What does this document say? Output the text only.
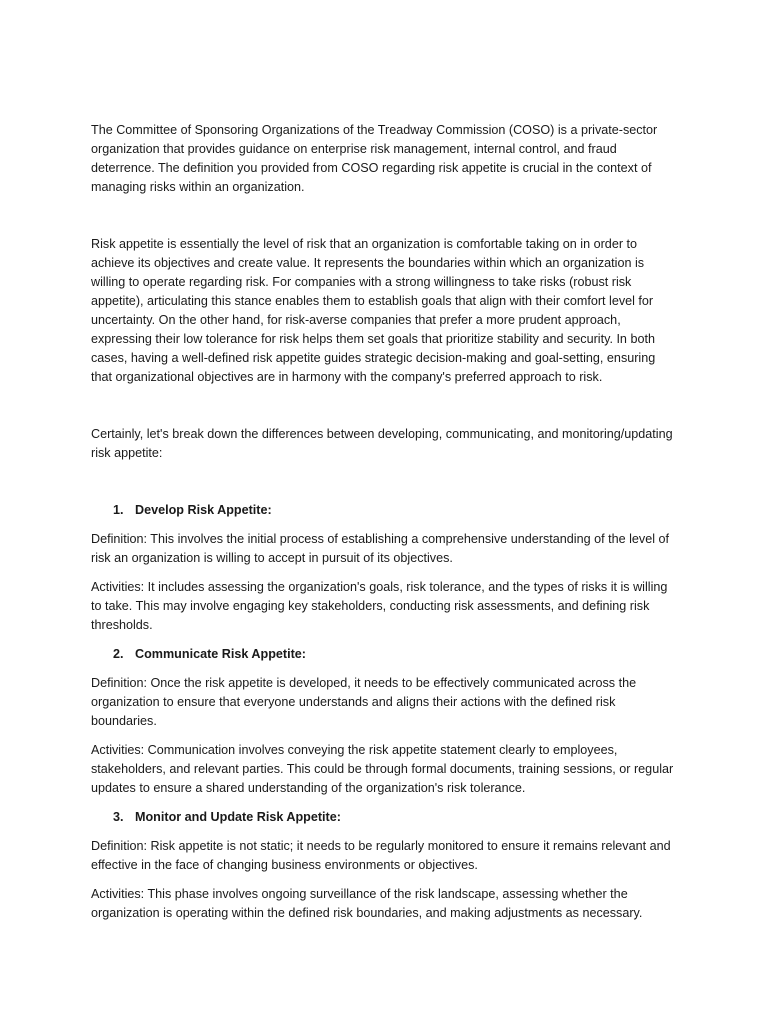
The Committee of Sponsoring Organizations of the Treadway Commission (COSO) is a private-sector organization that provides guidance on enterprise risk management, internal control, and fraud deterrence. The definition you provided from COSO regarding risk appetite is crucial in the context of managing risks within an organization.

Risk appetite is essentially the level of risk that an organization is comfortable taking on in order to achieve its objectives and create value. It represents the boundaries within which an organization is willing to operate regarding risk. For companies with a strong willingness to take risks (robust risk appetite), articulating this stance enables them to establish goals that align with their comfort level for uncertainty. On the other hand, for risk-averse companies that prefer a more prudent approach, expressing their low tolerance for risk helps them set goals that prioritize stability and security. In both cases, having a well-defined risk appetite guides strategic decision-making and goal-setting, ensuring that organizational objectives are in harmony with the company's preferred approach to risk.

Certainly, let's break down the differences between developing, communicating, and monitoring/updating risk appetite:

1. Develop Risk Appetite:

Definition: This involves the initial process of establishing a comprehensive understanding of the level of risk an organization is willing to accept in pursuit of its objectives.

Activities: It includes assessing the organization's goals, risk tolerance, and the types of risks it is willing to take. This may involve engaging key stakeholders, conducting risk assessments, and defining risk thresholds.

2. Communicate Risk Appetite:

Definition: Once the risk appetite is developed, it needs to be effectively communicated across the organization to ensure that everyone understands and aligns their actions with the defined risk boundaries.

Activities: Communication involves conveying the risk appetite statement clearly to employees, stakeholders, and relevant parties. This could be through formal documents, training sessions, or regular updates to ensure a shared understanding of the organization's risk tolerance.

3. Monitor and Update Risk Appetite:

Definition: Risk appetite is not static; it needs to be regularly monitored to ensure it remains relevant and effective in the face of changing business environments or objectives.

Activities: This phase involves ongoing surveillance of the risk landscape, assessing whether the organization is operating within the defined risk boundaries, and making adjustments as necessary.
